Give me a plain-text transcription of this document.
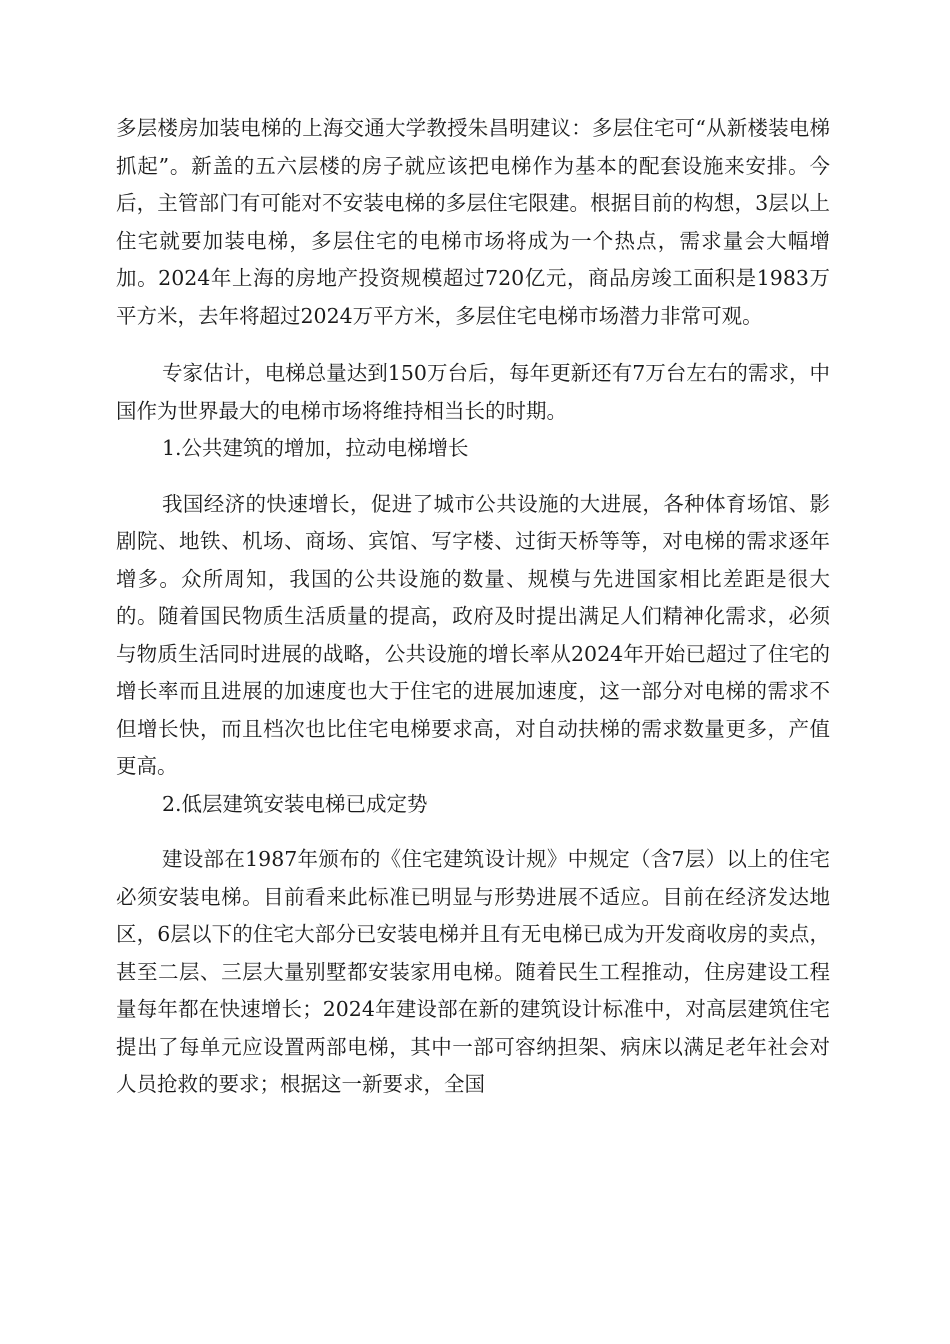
多层楼房加装电梯的上海交通大学教授朱昌明建议：多层住宅可“从新楼装电梯抓起”。新盖的五六层楼的房子就应该把电梯作为基本的配套设施来安排。今后，主管部门有可能对不安装电梯的多层住宅限建。根据目前的构想，3层以上住宅就要加装电梯，多层住宅的电梯市场将成为一个热点，需求量会大幅增加。2024年上海的房地产投资规模超过720亿元，商品房竣工面积是1983万平方米，去年将超过2024万平方米，多层住宅电梯市场潜力非常可观。

专家估计，电梯总量达到150万台后，每年更新还有7万台左右的需求，中国作为世界最大的电梯市场将维持相当长的时期。

1.公共建筑的增加，拉动电梯增长

我国经济的快速增长，促进了城市公共设施的大进展，各种体育场馆、影剧院、地铁、机场、商场、宾馆、写字楼、过街天桥等等，对电梯的需求逐年增多。众所周知，我国的公共设施的数量、规模与先进国家相比差距是很大的。随着国民物质生活质量的提高，政府及时提出满足人们精神化需求，必须与物质生活同时进展的战略，公共设施的增长率从2024年开始已超过了住宅的增长率而且进展的加速度也大于住宅的进展加速度，这一部分对电梯的需求不但增长快，而且档次也比住宅电梯要求高，对自动扶梯的需求数量更多，产值更高。

2.低层建筑安装电梯已成定势

建设部在1987年颁布的《住宅建筑设计规》中规定（含7层）以上的住宅必须安装电梯。目前看来此标准已明显与形势进展不适应。目前在经济发达地区，6层以下的住宅大部分已安装电梯并且有无电梯已成为开发商收房的卖点，甚至二层、三层大量别墅都安装家用电梯。随着民生工程推动，住房建设工程量每年都在快速增长；2024年建设部在新的建筑设计标准中，对高层建筑住宅提出了每单元应设置两部电梯，其中一部可容纳担架、病床以满足老年社会对人员抢救的要求；根据这一新要求，全国
